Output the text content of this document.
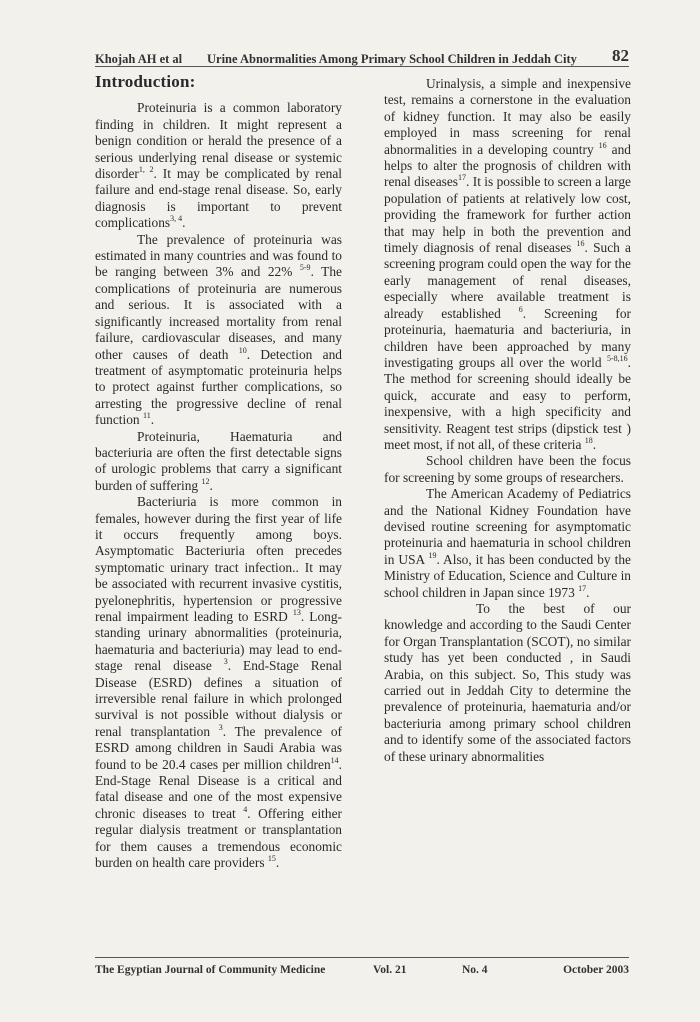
Khojah AH et al Urine Abnormalities Among Primary School Children in Jeddah City 82
Introduction:

Proteinuria is a common laboratory finding in children. It might represent a benign condition or herald the presence of a serious underlying renal disease or systemic disorder$^{1, 2}$. It may be complicated by renal failure and end-stage renal disease. So, early diagnosis is important to prevent complications$^{3, 4}$.

The prevalence of proteinuria was estimated in many countries and was found to be ranging between 3% and 22% $^{5-9}$. The complications of proteinuria are numerous and serious. It is associated with a significantly increased mortality from renal failure, cardiovascular diseases, and many other causes of death $^{10}$. Detection and treatment of asymptomatic proteinuria helps to protect against further complications, so arresting the progressive decline of renal function $^{11}$.

Proteinuria, Haematuria and bacteriuria are often the first detectable signs of urologic problems that carry a significant burden of suffering $^{12}$.

Bacteriuria is more common in females, however during the first year of life it occurs frequently among boys. Asymptomatic Bacteriuria often precedes symptomatic urinary tract infection.. It may be associated with recurrent invasive cystitis, pyelonephritis, hypertension or progressive renal impairment leading to ESRD $^{13}$. Long-standing urinary abnormalities (proteinuria, haematuria and bacteriuria) may lead to end-stage renal disease $^3$. End-Stage Renal Disease (ESRD) defines a situation of irreversible renal failure in which prolonged survival is not possible without dialysis or renal transplantation $^3$. The prevalence of ESRD among children in Saudi Arabia was found to be 20.4 cases per million children$^{14}$. End-Stage Renal Disease is a critical and fatal disease and one of the most expensive chronic diseases to treat $^4$. Offering either regular dialysis treatment or transplantation for them causes a tremendous economic burden on health care providers $^{15}$.

Urinalysis, a simple and inexpensive test, remains a cornerstone in the evaluation of kidney function. It may also be easily employed in mass screening for renal abnormalities in a developing country $^{16}$ and helps to alter the prognosis of children with renal diseases$^{17}$. It is possible to screen a large population of patients at relatively low cost, providing the framework for further action that may help in both the prevention and timely diagnosis of renal diseases $^{16}$. Such a screening program could open the way for the early management of renal diseases, especially where available treatment is already established $^6$. Screening for proteinuria, haematuria and bacteriuria, in children have been approached by many investigating groups all over the world $^{5-8,16}$. The method for screening should ideally be quick, accurate and easy to perform, inexpensive, with a high specificity and sensitivity. Reagent test strips (dipstick test ) meet most, if not all, of these criteria $^{18}$.

School children have been the focus for screening by some groups of researchers.

The American Academy of Pediatrics and the National Kidney Foundation have devised routine screening for asymptomatic proteinuria and haematuria in school children in USA $^{19}$. Also, it has been conducted by the Ministry of Education, Science and Culture in school children in Japan since 1973 $^{17}$.

To the best of our knowledge and according to the Saudi Center for Organ Transplantation (SCOT), no similar study has yet been conducted , in Saudi Arabia, on this subject. So, This study was carried out in Jeddah City to determine the prevalence of proteinuria, haematuria and/or bacteriuria among primary school children and to identify some of the associated factors of these urinary abnormalities

The Egyptian Journal of Community Medicine	Vol. 21	No. 4	October 2003
